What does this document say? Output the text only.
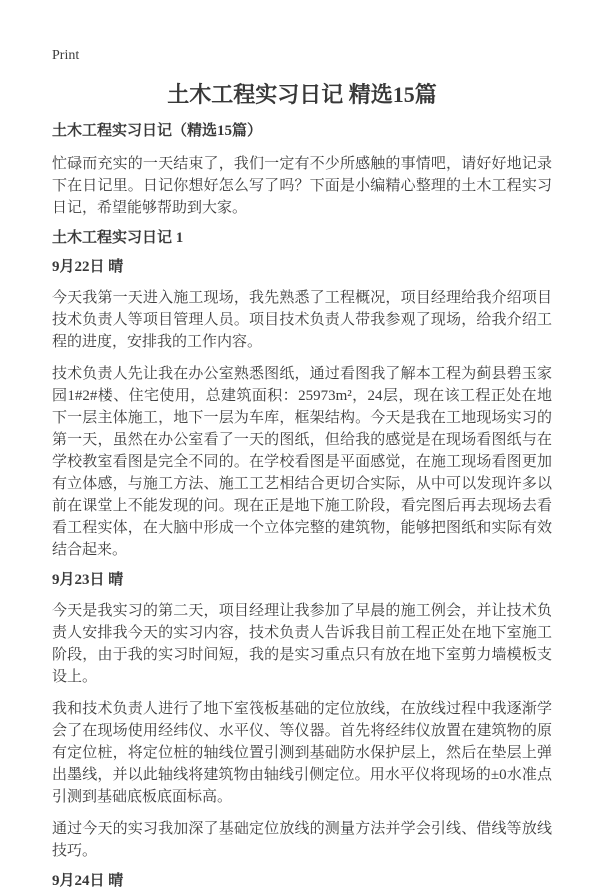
Print
土木工程实习日记 精选15篇
土木工程实习日记（精选15篇）

忙碌而充实的一天结束了，我们一定有不少所感触的事情吧，请好好地记录下在日记里。日记你想好怎么写了吗？下面是小编精心整理的土木工程实习日记，希望能够帮助到大家。

土木工程实习日记 1
9月22日 晴

今天我第一天进入施工现场，我先熟悉了工程概况，项目经理给我介绍项目技术负责人等项目管理人员。项目技术负责人带我参观了现场，给我介绍工程的进度，安排我的工作内容。

技术负责人先让我在办公室熟悉图纸，通过看图我了解本工程为蓟县碧玉家园1#2#楼、住宅使用，总建筑面积：25973m²，24层，现在该工程正处在地下一层主体施工，地下一层为车库，框架结构。今天是我在工地现场实习的第一天，虽然在办公室看了一天的图纸，但给我的感觉是在现场看图纸与在学校教室看图是完全不同的。在学校看图是平面感觉，在施工现场看图更加有立体感，与施工方法、施工工艺相结合更切合实际，从中可以发现许多以前在课堂上不能发现的问。现在正是地下施工阶段，看完图后再去现场去看看工程实体，在大脑中形成一个立体完整的建筑物，能够把图纸和实际有效结合起来。

9月23日 晴

今天是我实习的第二天，项目经理让我参加了早晨的施工例会，并让技术负责人安排我今天的实习内容，技术负责人告诉我目前工程正处在地下室施工阶段，由于我的实习时间短，我的是实习重点只有放在地下室剪力墙模板支设上。

我和技术负责人进行了地下室筏板基础的定位放线，在放线过程中我逐渐学会了在现场使用经纬仪、水平仪、等仪器。首先将经纬仪放置在建筑物的原有定位桩，将定位桩的轴线位置引测到基础防水保护层上，然后在垫层上弹出墨线，并以此轴线将建筑物由轴线引侧定位。用水平仪将现场的±0水准点引测到基础底板底面标高。

通过今天的实习我加深了基础定位放线的测量方法并学会引线、借线等放线技巧。

9月24日 晴
